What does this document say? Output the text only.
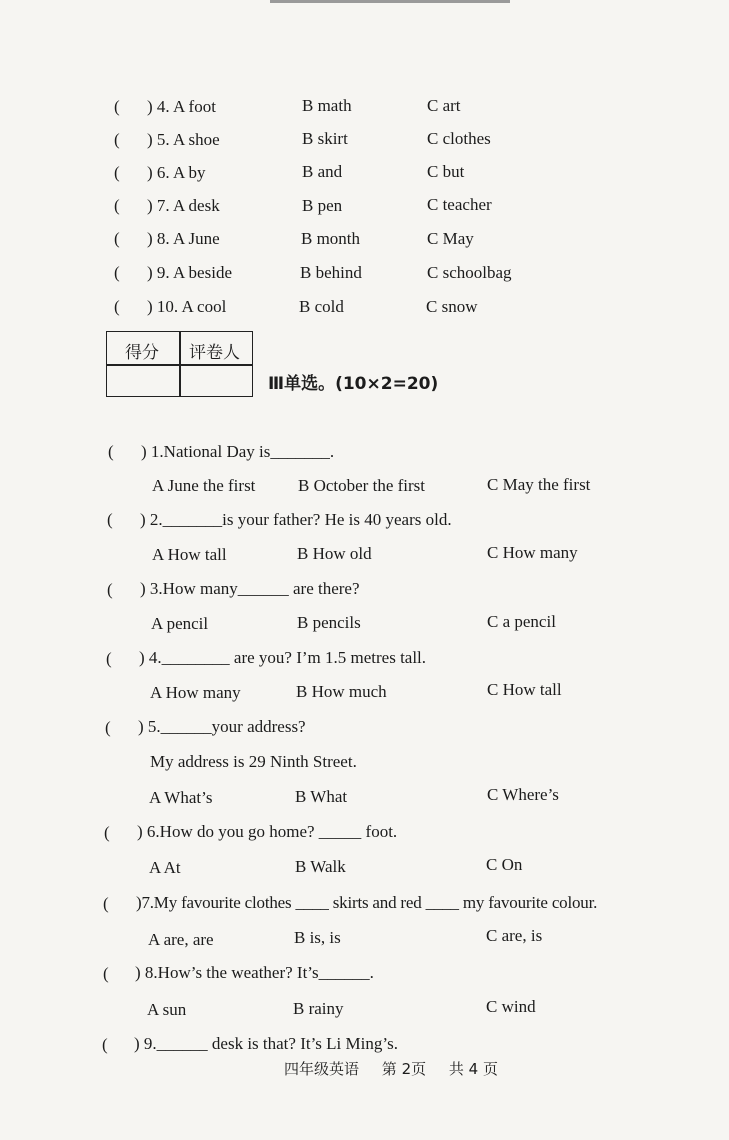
( ) 4. A foot	B math	C art
( ) 5. A shoe	B skirt	C clothes
( ) 6. A by	B and	C but
( ) 7. A desk	B pen	C teacher
( ) 8. A June	B month	C May
( ) 9. A beside	B behind	C schoolbag
( ) 10. A cool	B cold	C snow
得分 评卷人
Ⅲ单选。(10×2=20)
( ) 1.National Day is_______.
A June the first	B October the first	C May the first
( ) 2._______is your father? He is 40 years old.
A How tall	B How old	C How many
( ) 3.How many______ are there?
A pencil	B pencils	C a pencil
( ) 4.________ are you? I’m 1.5 metres tall.
A How many	B How much	C How tall
( ) 5.______your address?
My address is 29 Ninth Street.
A What’s	B What	C Where’s
( ) 6.How do you go home? _____ foot.
A At	B Walk	C On
( )7.My favourite clothes ____ skirts and red ____ my favourite colour.
A are, are	B is, is	C are, is
( ) 8.How’s the weather? It’s______.
A sun	B rainy	C wind
( ) 9.______ desk is that? It’s Li Ming’s.
四年级英语 第 2页 共 4 页
